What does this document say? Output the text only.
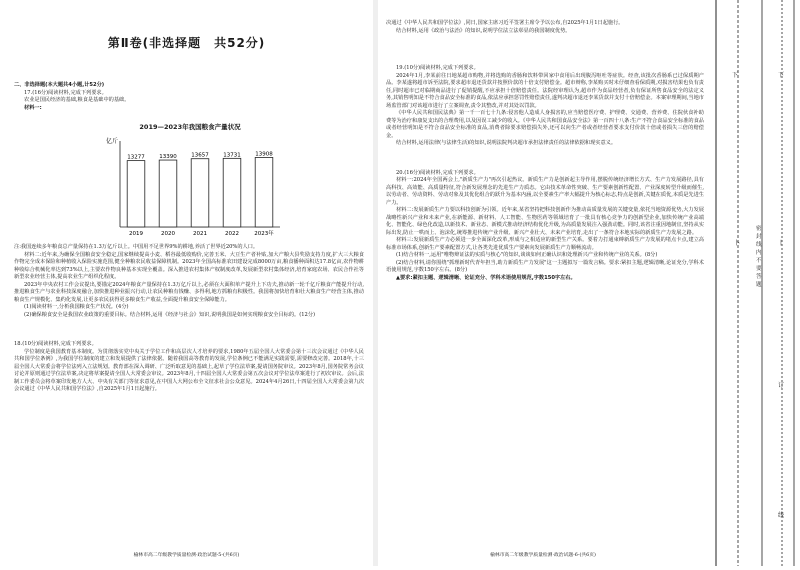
第Ⅱ卷(非选择题　共52分)

二、非选择题(本大题共4小题,计52分)

17.(16分)阅读材料,完成下列要求。

农业是国民经济的基础,粮食是基础中的基础。

材料一:

2019—2023年我国粮食产量状况
亿斤
13277
2019
13390
2020
13657
2021
13731
2022
13908
2023年

注:我国连续多年粮食总产量保持在1.3万亿斤以上。中国用不足世界9%的耕地,养活了世界近20%的人口。

材料二:近年来,为确保全国粮食安全稳定,国家继续提高小麦、稻谷最低收购价,完善玉米、大豆生产者补贴,加大产粮大县奖励支持力度,扩大三大粮食作物完全成本保险和种植收入保险实施范围,健全种粮农民收益保障机制。2023年全国高标准农田建设完成8000万亩,粮食播种面积达17.8亿亩,农作物耕种收综合机械化率达到73%以上,主要农作物良种基本实现全覆盖。深入推进农村集体产权制度改革,发展新型农村集体经济,培育家庭农场、农民合作社等新型农业经营主体,提高农业生产组织化程度。

2023年中央农村工作会议提出,要锚定2024年粮食产量保持在1.3万亿斤以上,必须在大面积单产提升上下功夫,推动新一轮千亿斤粮食产能提升行动,推进粮食生产与农业科技深度融合,加快推进种业振兴行动,让农民种粮有钱赚、多得利,地方抓粮有积极性。我国将加快培育和壮大粮食生产经营主体,推动粮食生产规模化、集约化发展,让更多农民获得更多粮食生产收益,全面提升粮食安全保障能力。

(1)阅读材料一,分析我国粮食生产状况。(4分)

(2)确保粮食安全是我国农业政策的重要目标。结合材料,运用《经济与社会》知识,说明我国是如何实现粮食安全目标的。(12分)

18.(10分)阅读材料,完成下列要求。

学位制度是我国教育基本制度。为贯彻落实党中央关于学位工作和高层次人才培养的要求,1980年五届全国人大常委会第十三次会议通过《中华人民共和国学位条例》,为我国学位制度的建立和发展提供了法律依据。随着我国高等教育的发展,学位条例已不能满足实践需要,需要修改完善。2018年,十三届全国人大常委会将学位法列入立法规划。教育部在深入调研、广泛听取意见的基础上,起草了学位法草案,提请国务院审议。2023年8月,国务院常务会议讨论并原则通过学位法草案,决定将草案提请全国人大常委会审议。2023年8月,十四届全国人大常委会第五次会议对学位法草案进行了初次审议。会后,法制工作委员会将草案印发地方人大、中央有关部门等征求意见,在中国人大网公布全文征求社会公众意见。2024年4月26日,十四届全国人大常委会第九次会议通过《中华人民共和国学位法》,自2025年1月1日起施行。

榆林市高二年级教学质量检测·政治试题-5-(共6页)

决通过《中华人民共和国学位法》,同日,国家主席习近平签署主席令予以公布,自2025年1月1日起施行。

结合材料,运用《政治与法治》的知识,说明学位法立法彰显的我国制度优势。

19.(10分)阅读材料,完成下列要求。

2024年1月,李某前往日地某超市购物,并将选购的香肠和饮料带回家中食用后出现腹泻呕吐等症状。经查,该批次香肠系已过保质期产品。李某遂将超市诉至法院,要求超市退还货款并按照价款的十倍支付赔偿金。超市辩称,李某购买时未仔细查看保质期,对损害结果也负有责任,同时超市已对临期商品进行了促销提醒,不应承担十倍赔偿责任。法院经审理认为,超市作为食品经营者,负有保证所售食品安全的法定义务,其销售明知是不符合食品安全标准的食品,依法应承担惩罚性赔偿责任,遂判决超市退还李某货款并支付十倍赔偿金。本案审理期间,当地市场监管部门对该超市进行了立案调查,责令其整改,并对其处以罚款。

《中华人民共和国民法典》第一千一百七十九条:侵害他人造成人身损害的,应当赔偿医疗费、护理费、交通费、营养费、住院伙食补助费等为治疗和康复支出的合理费用,以及因误工减少的收入。《中华人民共和国食品安全法》第一百四十八条:生产不符合食品安全标准的食品或者经营明知是不符合食品安全标准的食品,消费者除要求赔偿损失外,还可以向生产者或者经营者要求支付价款十倍或者损失三倍的赔偿金。

结合材料,运用法律(与法律生活)的知识,说明法院判决超市承担法律责任的法律依据和现实意义。

20.(16分)阅读材料,完成下列要求。

材料一:2024年全国两会上,"新质生产力"再次引起热议。新质生产力是创新起主导作用,摆脱传统经济增长方式、生产力发展路径,具有高科技、高效能、高质量特征,符合新发展理念的先进生产力质态。它由技术革命性突破、生产要素创新性配置、产业深度转型升级而催生,以劳动者、劳动资料、劳动对象及其优化组合的跃升为基本内涵,以全要素生产率大幅提升为核心标志,特点是创新,关键在质优,本质是先进生产力。

材料二:发展新质生产力要以科技创新为引领。近年来,某省坚持把科技创新作为推动高质量发展的关键变量,依托当地资源优势,大力发展战略性新兴产业和未来产业,在新能源、新材料、人工智能、生物医药等领域培育了一批具有核心竞争力的创新型企业,加快传统产业高端化、智能化、绿色化改造,以新技术、新业态、新模式推动经济结构优化升级,为高质量发展注入强劲动能。同时,该省注重因地制宜,坚持从实际出发,防止一哄而上、泡沫化,统筹推进传统产业升级、新兴产业壮大、未来产业培育,走出了一条符合本地实际的新质生产力发展之路。

材料三:发展新质生产力必须进一步全面深化改革,形成与之相适应的新型生产关系。要着力打通束缚新质生产力发展的堵点卡点,建立高标准市场体系,创新生产要素配置方式,让各类先进优质生产要素向发展新质生产力顺畅流动。

(1)结合材料一,运用"唯物辩证法的实质与核心"的知识,谈谈如何正确认识和处理新兴产业和传统产业的关系。(8分)

(2)结合材料,请你围绕"抓理新时代青年担当,助力新质生产力发展"这一主题拟写一篇发言稿。要求:紧扣主题,逻辑清晰,论证充分,学科术语使用规范,字数150字左右。(8分)

▲要求:紧扣主题、逻辑清晰、论证充分、学科术语使用规范,字数150字左右。

榆林市高二年级教学质量检测·政治试题-6-(共6页)
下	下
密　封　线　内　不　要　答　题
卜	丨
订
线
